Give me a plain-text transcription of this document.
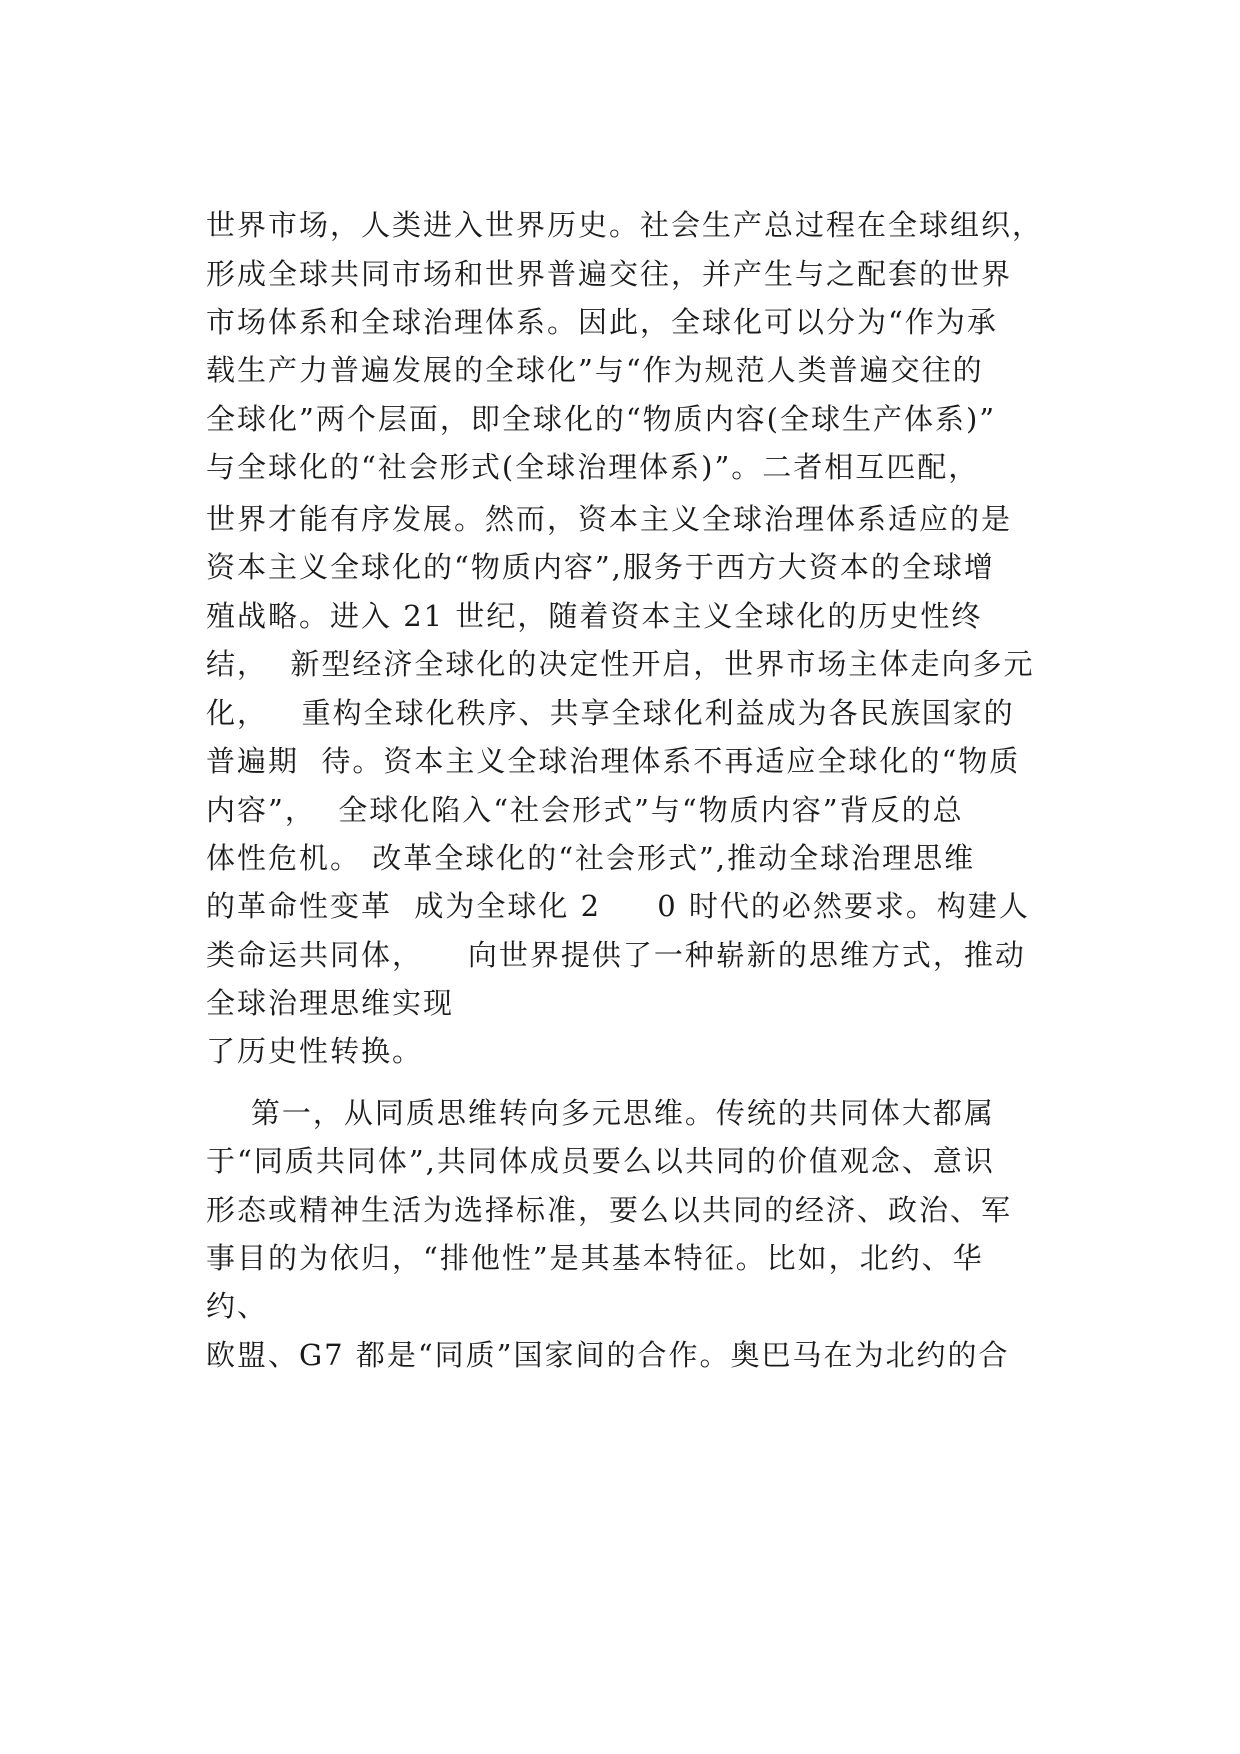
世界市场，人类进入世界历史。社会生产总过程在全球组织，
形成全球共同市场和世界普遍交往，并产生与之配套的世界
市场体系和全球治理体系。因此，全球化可以分为“作为承
载生产力普遍发展的全球化”与“作为规范人类普遍交往的
全球化”两个层面，即全球化的“物质内容(全球生产体系)”
与全球化的“社会形式(全球治理体系)”。二者相互匹配，
世界才能有序发展。然而，资本主义全球治理体系适应的是
资本主义全球化的“物质内容”,服务于西方大资本的全球增
殖战略。进入 21 世纪，随着资本主义全球化的历史性终
结，  新型经济全球化的决定性开启，世界市场主体走向多元
化，   重构全球化秩序、共享全球化利益成为各民族国家的
普遍期  待。资本主义全球治理体系不再适应全球化的“物质
内容”，  全球化陷入“社会形式”与“物质内容”背反的总
体性危机。 改革全球化的“社会形式”,推动全球治理思维
的革命性变革  成为全球化 2     0 时代的必然要求。构建人
类命运共同体，    向世界提供了一种崭新的思维方式，推动
全球治理思维实现
了历史性转换。
第一，从同质思维转向多元思维。传统的共同体大都属
于“同质共同体”,共同体成员要么以共同的价值观念、意识
形态或精神生活为选择标准，要么以共同的经济、政治、军
事目的为依归，“排他性”是其基本特征。比如，北约、华
约、
欧盟、G7 都是“同质”国家间的合作。奥巴马在为北约的合
